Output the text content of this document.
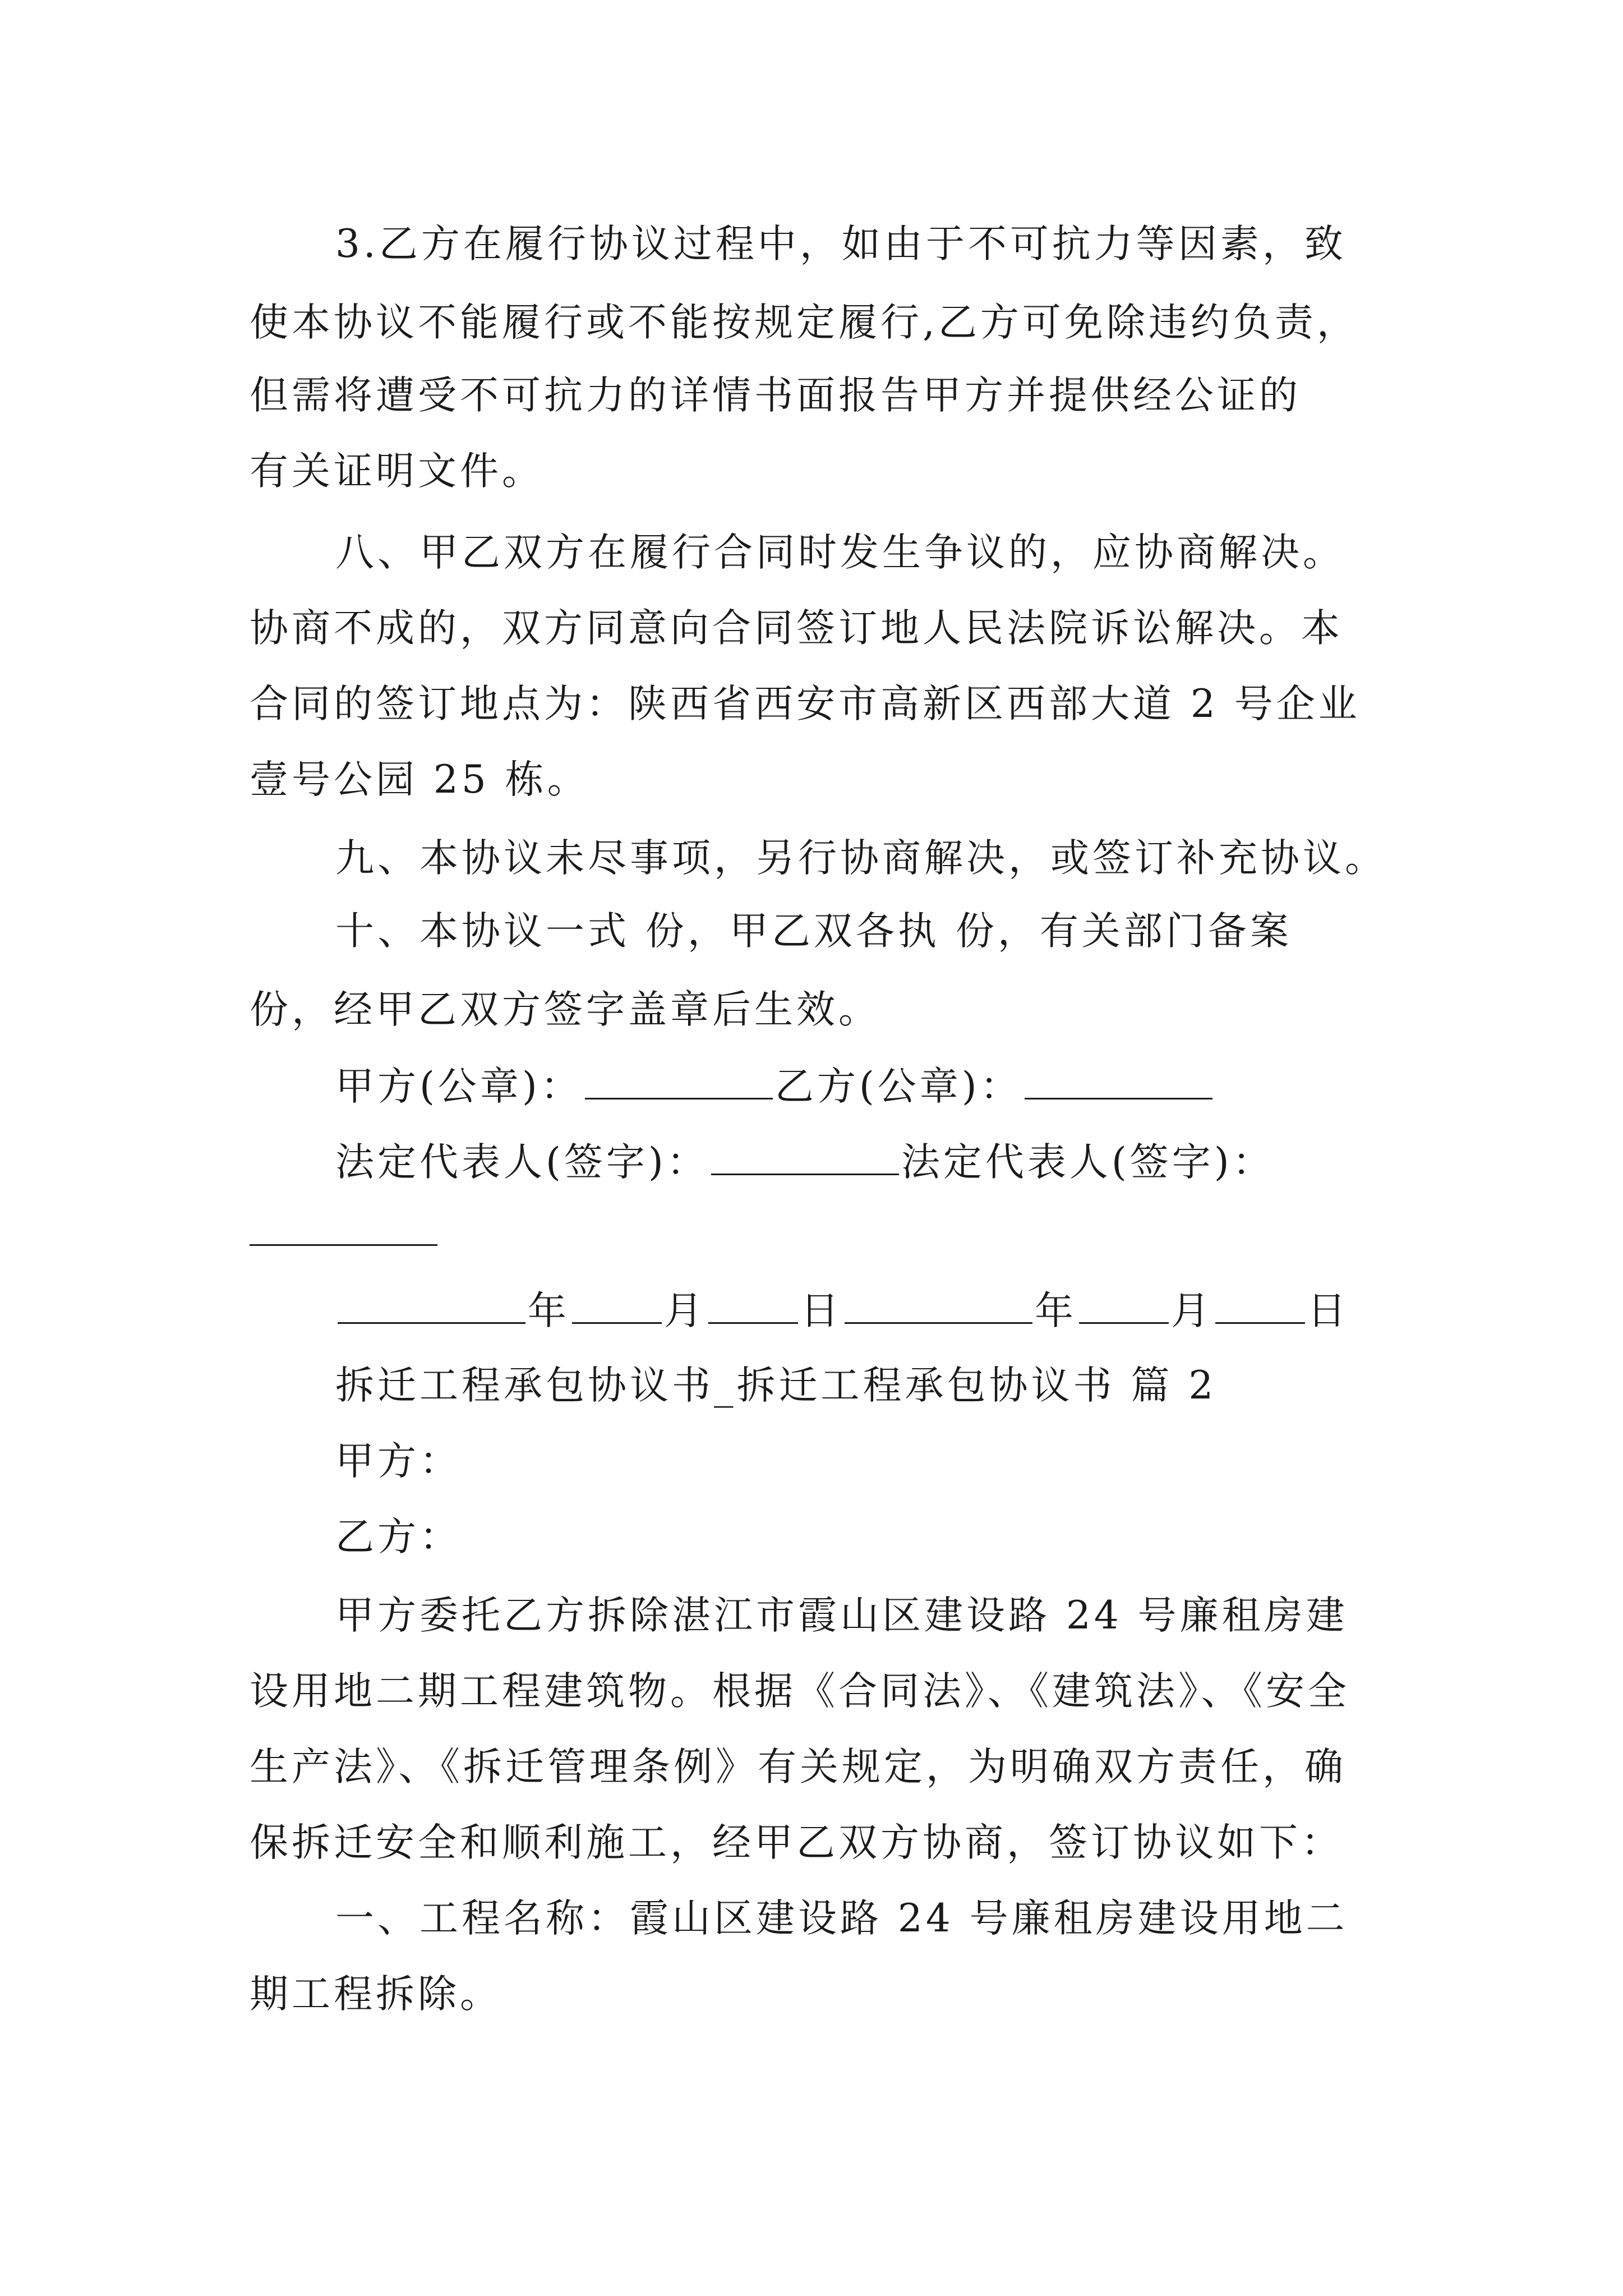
3.乙方在履行协议过程中，如由于不可抗力等因素，致
使本协议不能履行或不能按规定履行,乙方可免除违约负责，
但需将遭受不可抗力的详情书面报告甲方并提供经公证的
有关证明文件。
八、甲乙双方在履行合同时发生争议的，应协商解决。
协商不成的，双方同意向合同签订地人民法院诉讼解决。本
合同的签订地点为：陕西省西安市高新区西部大道 2 号企业
壹号公园 25 栋。
九、本协议未尽事项，另行协商解决，或签订补充协议。
十、本协议一式 份，甲乙双各执 份，有关部门备案
份，经甲乙双方签字盖章后生效。
甲方(公章)：	乙方(公章)：
法定代表人(签字)：	法定代表人(签字)：
年 月 日	年 月 日
拆迁工程承包协议书_拆迁工程承包协议书 篇 2
甲方：
乙方：
甲方委托乙方拆除湛江市霞山区建设路 24 号廉租房建
设用地二期工程建筑物。根据《合同法》、《建筑法》、《安全
生产法》、《拆迁管理条例》有关规定，为明确双方责任，确
保拆迁安全和顺利施工，经甲乙双方协商，签订协议如下：
一、工程名称：霞山区建设路 24 号廉租房建设用地二
期工程拆除。
